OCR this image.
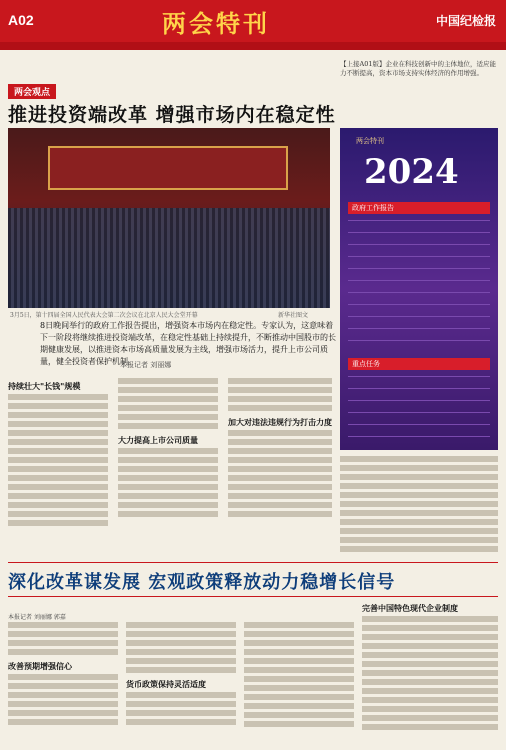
A02	两会特刊	中国纪检报
【上接A01版】企业在科技创新中的主体地位，适应能力不断提高，资本市场支持实体经济的作用增强。
两会观点
推进投资端改革 增强市场内在稳定性
3月5日，第十四届全国人民代表大会第二次会议在北京人民大会堂开幕	新华社图文
两会特刊
2024
政府工作报告
重点任务
8日晚间举行的政府工作报告提出，增强资本市场内在稳定性。专家认为，这意味着下一阶段将继续推进投资端改革，在稳定性基础上持续提升，不断推动中国股市的长期健康发展，以推进资本市场高质量发展为主线，增强市场活力，提升上市公司质量，健全投资者保护机制。
本报记者 刘丽娜
持续壮大"长钱"规模
大力提高上市公司质量
加大对违法违规行为打击力度
深化改革谋发展 宏观政策释放动力稳增长信号
本报记者 刘丽娜 郭嘉
改善预期增强信心
货币政策保持灵活适度
完善中国特色现代企业制度
